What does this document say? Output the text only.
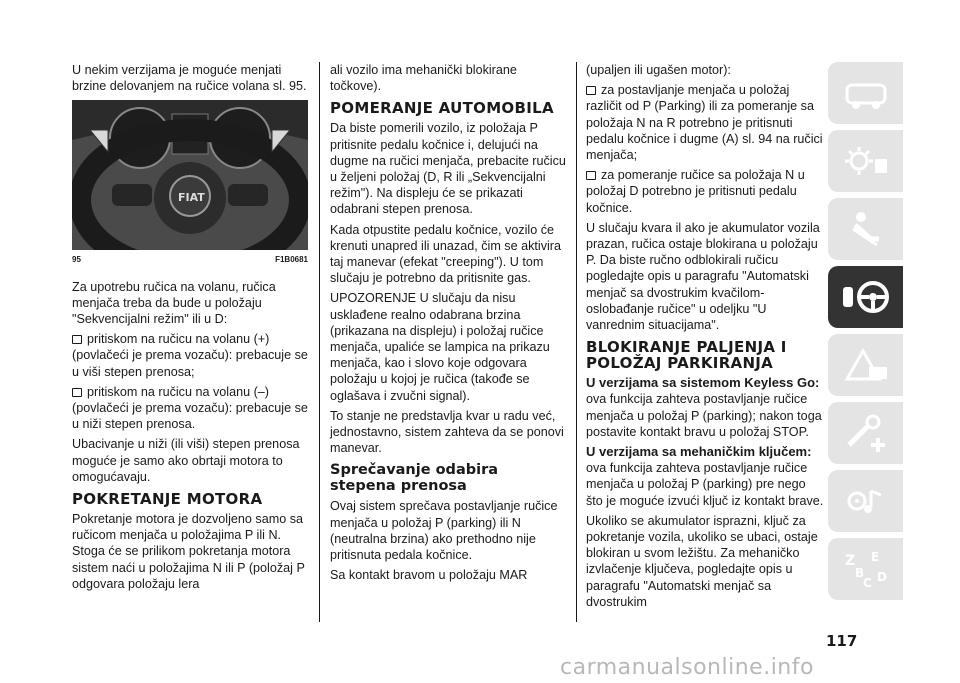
U nekim verzijama je moguće menjati brzine delovanjem na ručice volana sl. 95.

FIAT
95	F1B0681

Za upotrebu ručica na volanu, ručica menjača treba da bude u položaju "Sekvencijalni režim" ili u D:

pritiskom na ručicu na volanu (+) (povlačeći je prema vozaču): prebacuje se u viši stepen prenosa;

pritiskom na ručicu na volanu (–) (povlačeći je prema vozaču): prebacuje se u niži stepen prenosa.

Ubacivanje u niži (ili viši) stepen prenosa moguće je samo ako obrtaji motora to omogućavaju.

POKRETANJE MOTORA

Pokretanje motora je dozvoljeno samo sa ručicom menjača u položajima P ili N. Stoga će se prilikom pokretanja motora sistem naći u položajima N ili P (položaj P odgovara položaju lera

ali vozilo ima mehanički blokirane točkove).

POMERANJE AUTOMOBILA

Da biste pomerili vozilo, iz položaja P pritisnite pedalu kočnice i, delujući na dugme na ručici menjača, prebacite ručicu u željeni položaj (D, R ili „Sekvencijalni režim"). Na displeju će se prikazati odabrani stepen prenosa.

Kada otpustite pedalu kočnice, vozilo će krenuti unapred ili unazad, čim se aktivira taj manevar (efekat "creeping"). U tom slučaju je potrebno da pritisnite gas.

UPOZORENJE U slučaju da nisu usklađene realno odabrana brzina (prikazana na displeju) i položaj ručice menjača, upaliće se lampica na prikazu menjača, kao i slovo koje odgovara položaju u kojoj je ručica (takođe se oglašava i zvučni signal).

To stanje ne predstavlja kvar u radu već, jednostavno, sistem zahteva da se ponovi manevar.

Sprečavanje odabira stepena prenosa

Ovaj sistem sprečava postavljanje ručice menjača u položaj P (parking) ili N (neutralna brzina) ako prethodno nije pritisnuta pedala kočnice.

Sa kontakt bravom u položaju MAR

(upaljen ili ugašen motor):

za postavljanje menjača u položaj različit od P (Parking) ili za pomeranje sa položaja N na R potrebno je pritisnuti pedalu kočnice i dugme (A) sl. 94 na ručici menjača;

za pomeranje ručice sa položaja N u položaj D potrebno je pritisnuti pedalu kočnice.

U slučaju kvara il ako je akumulator vozila prazan, ručica ostaje blokirana u položaju P. Da biste ručno odblokirali ručicu pogledajte opis u paragrafu "Automatski menjač sa dvostrukim kvačilom- oslobađanje ručice" u odeljku "U vanrednim situacijama".

BLOKIRANJE PALJENJA I POLOŽAJ PARKIRANJA

U verzijama sa sistemom Keyless Go: ova funkcija zahteva postavljanje ručice menjača u položaj P (parking); nakon toga postavite kontakt bravu u položaj STOP.

U verzijama sa mehaničkim ključem: ova funkcija zahteva postavljanje ručice menjača u položaj P (parking) pre nego što je moguće izvući ključ iz kontakt brave.

Ukoliko se akumulator isprazni, ključ za pokretanje vozila, ukoliko se ubaci, ostaje blokiran u svom ležištu. Za mehaničko izvlačenje ključeva, pogledajte opis u paragrafu "Automatski menjač sa dvostrukim

Z E
B
C D
117
carmanualsonline.info
